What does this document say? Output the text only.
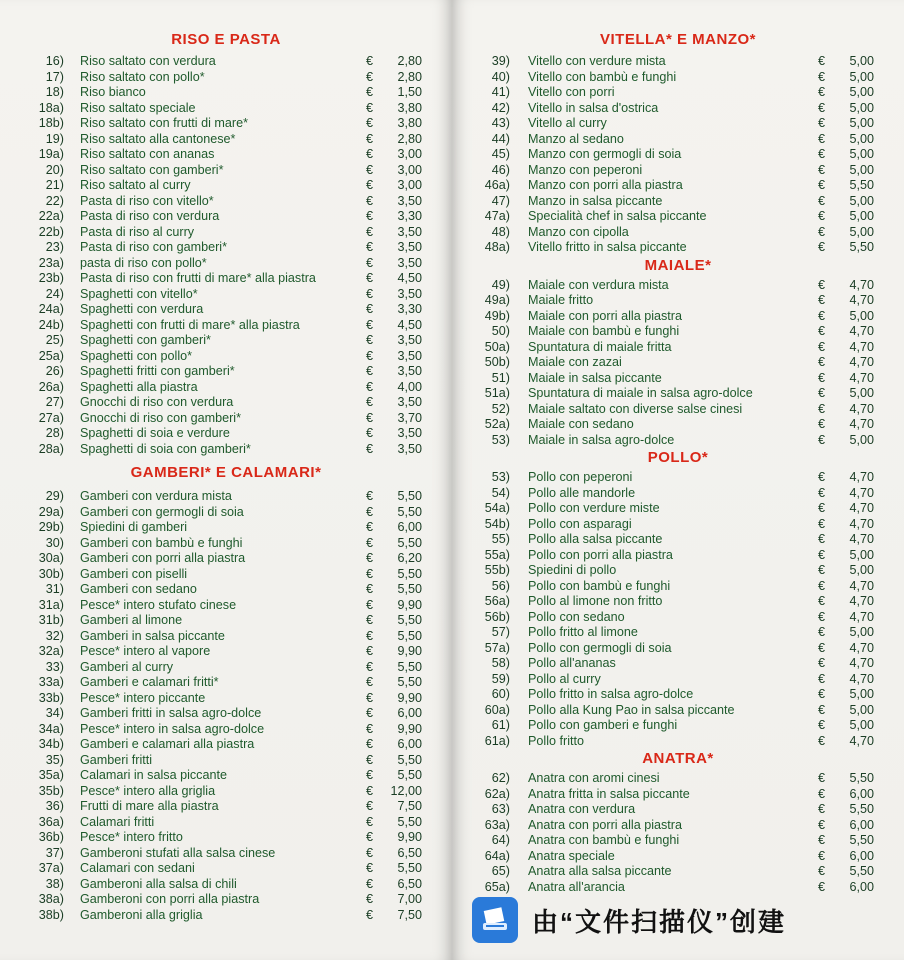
RISO E PASTA
16) Riso saltato con verdura	€	2,80
17) Riso saltato con pollo*	€	2,80
18) Riso bianco	€	1,50
18a) Riso saltato speciale	€	3,80
18b) Riso saltato con frutti di mare*	€	3,80
19) Riso saltato alla cantonese*	€	2,80
19a) Riso saltato con ananas	€	3,00
20) Riso saltato con gamberi*	€	3,00
21) Riso saltato al curry	€	3,00
22) Pasta di riso con vitello*	€	3,50
22a) Pasta di riso con verdura	€	3,30
22b) Pasta di riso al curry	€	3,50
23) Pasta di riso con gamberi*	€	3,50
23a) pasta di riso con pollo*	€	3,50
23b) Pasta di riso con frutti di mare* alla piastra	€	4,50
24) Spaghetti con vitello*	€	3,50
24a) Spaghetti con verdura	€	3,30
24b) Spaghetti con frutti di mare* alla piastra	€	4,50
25) Spaghetti con gamberi*	€	3,50
25a) Spaghetti con pollo*	€	3,50
26) Spaghetti fritti con gamberi*	€	3,50
26a) Spaghetti alla piastra	€	4,00
27) Gnocchi di riso con verdura	€	3,50
27a) Gnocchi di riso con gamberi*	€	3,70
28) Spaghetti di soia e verdure	€	3,50
28a) Spaghetti di soia con gamberi*	€	3,50
GAMBERI* E CALAMARI*
29) Gamberi con verdura mista	€	5,50
29a) Gamberi con germogli di soia	€	5,50
29b) Spiedini di gamberi	€	6,00
30) Gamberi con bambù e funghi	€	5,50
30a) Gamberi con porri alla piastra	€	6,20
30b) Gamberi con piselli	€	5,50
31) Gamberi con sedano	€	5,50
31a) Pesce* intero stufato cinese	€	9,90
31b) Gamberi al limone	€	5,50
32) Gamberi in salsa piccante	€	5,50
32a) Pesce* intero al vapore	€	9,90
33) Gamberi al curry	€	5,50
33a) Gamberi e calamari fritti*	€	5,50
33b) Pesce* intero piccante	€	9,90
34) Gamberi fritti in salsa agro-dolce	€	6,00
34a) Pesce* intero in salsa agro-dolce	€	9,90
34b) Gamberi e calamari alla piastra	€	6,00
35) Gamberi fritti	€	5,50
35a) Calamari in salsa piccante	€	5,50
35b) Pesce* intero alla griglia	€	12,00
36) Frutti di mare alla piastra	€	7,50
36a) Calamari fritti	€	5,50
36b) Pesce* intero fritto	€	9,90
37) Gamberoni stufati alla salsa cinese	€	6,50
37a) Calamari con sedani	€	5,50
38) Gamberoni alla salsa di chili	€	6,50
38a) Gamberoni con porri alla piastra	€	7,00
38b) Gamberoni alla griglia	€	7,50
VITELLA* E MANZO*
39) Vitello con verdure mista	€	5,00
40) Vitello con bambù e funghi	€	5,00
41) Vitello con porri	€	5,00
42) Vitello in salsa d'ostrica	€	5,00
43) Vitello al curry	€	5,00
44) Manzo al sedano	€	5,00
45) Manzo con germogli di soia	€	5,00
46) Manzo con peperoni	€	5,00
46a) Manzo con porri alla piastra	€	5,50
47) Manzo in salsa piccante	€	5,00
47a) Specialità chef in salsa piccante	€	5,00
48) Manzo con cipolla	€	5,00
48a) Vitello fritto in salsa piccante	€	5,50
MAIALE*
49) Maiale con verdura mista	€	4,70
49a) Maiale fritto	€	4,70
49b) Maiale con porri alla piastra	€	5,00
50) Maiale con bambù e funghi	€	4,70
50a) Spuntatura di maiale fritta	€	4,70
50b) Maiale con zazai	€	4,70
51) Maiale in salsa piccante	€	4,70
51a) Spuntatura di maiale in salsa agro-dolce	€	5,00
52) Maiale saltato con diverse salse cinesi	€	4,70
52a) Maiale con sedano	€	4,70
53) Maiale in salsa agro-dolce	€	5,00
POLLO*
53) Pollo con peperoni	€	4,70
54) Pollo alle mandorle	€	4,70
54a) Pollo con verdure miste	€	4,70
54b) Pollo con asparagi	€	4,70
55) Pollo alla salsa piccante	€	4,70
55a) Pollo con porri alla piastra	€	5,00
55b) Spiedini di pollo	€	5,00
56) Pollo con bambù e funghi	€	4,70
56a) Pollo al limone non fritto	€	4,70
56b) Pollo con sedano	€	4,70
57) Pollo fritto al limone	€	5,00
57a) Pollo con germogli di soia	€	4,70
58) Pollo all'ananas	€	4,70
59) Pollo al curry	€	4,70
60) Pollo fritto in salsa agro-dolce	€	5,00
60a) Pollo alla Kung Pao in salsa piccante	€	5,00
61) Pollo con gamberi e funghi	€	5,00
61a) Pollo fritto	€	4,70
ANATRA*
62) Anatra con aromi cinesi	€	5,50
62a) Anatra fritta in salsa piccante	€	6,00
63) Anatra con verdura	€	5,50
63a) Anatra con porri alla piastra	€	6,00
64) Anatra con bambù e funghi	€	5,50
64a) Anatra speciale	€	6,00
65) Anatra alla salsa piccante	€	5,50
65a) Anatra all'arancia	€	6,00
由“文件扫描仪”创建
